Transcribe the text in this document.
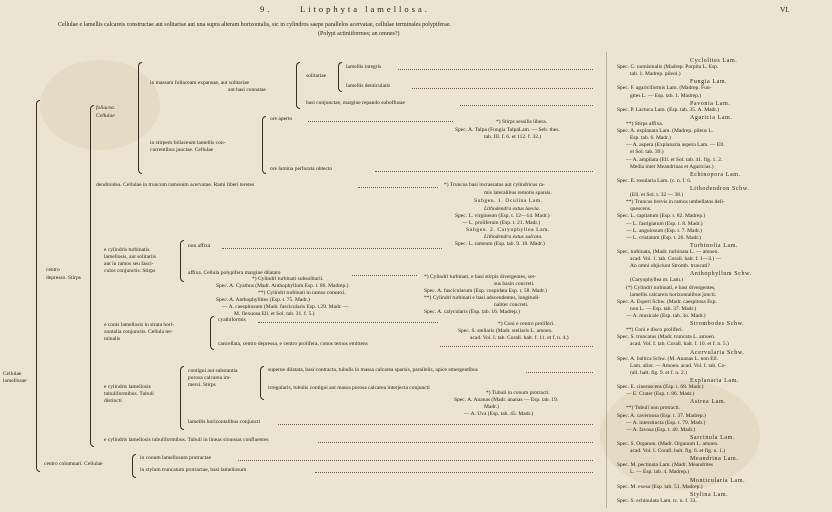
9.	Litophyta lamellosa.	VI.
Cellulae e lamellis calcareis constructae aut solitariae aut una supra alteram horizontalis, sic in cylindros saepe parallelos acervatae, cellulae terminales polypiferae.
(Polypi actiniiformes; an omnes?)
Cellulae
lamellosae
centro
depresso. Stirps
centro columnari. Cellulae
in conum lamellosum protractae
in stylum truncatum protractae, basi lamellosum
foliacea.
Cellulae
in massam foliaceam expansae, aut solitariae
aut basi connatae
solitariae
lamellis integris
lamellis denticulatis
basi conjunctae, margine repando suboffusae
in stirpem foliaceum lamellis con-
currentibus junctae. Cellulae
ore aperto
ore lamina perforata obtecto
dendroidea. Cellulae in truncum ramosum acervatae. Rami liberi teretes
e cylindris turbinatis.
lamellosis, aut solitariis
aut in ramos seu fasci-
culos conjunctis. Stirps
non affixa
affixa. Cellula polypifera margine dilatato
e conis lamellosis in strata hori-
zontalia conjunctis. Cellula ter-
minalis
cyathiformis
cancellata, centro depressa, e centro prolifera, conos ternos emittens
e cylindris lamellosis
tubuliformibus. Tubuli
distincti
contigui aut substantia
porosa calcarea im-
mersi. Stirps
superne dilatata, basi contracta, tubulis in massa calcarea sparsis, parallelis, apice emergentibus
irregularis, tubulis contigui aut massa porosa calcarea interjecta conjuncti
lamellis horizontalibus conjuncti
e cylindris lamellosis tubuliformibus. Tubuli in lineas sinuosas confluentes
*) Stirps sessilis libera.
Spec. A. Talpa (Fungia TalpaLam. — Seb. thes.
tab. III. f. 6. et 112. f. 32.)
*) Truncus basi incrassatus aut cylindricus ra-
mis lateralibus remotis sparsis.
Subgen. 1. Oculina Lam.
Lithodendra extus laevia.
Spec. L. virgineum (Esp. t. 12—14. Madr.)
— L. proliferum (Esp. t. 21. Madr.)
Subgen. 2. Caryophyllea Lam.
Lithodendra extus sulcata.
Spec. L. rameum (Esp. tab. 9. 10. Madr.)
*) Cylindri turbinati subsolitarii.
Spec. A. Cyathus (Madr. Anthophyllum Esp. t. 86. Madrep.)
**) Cylindri turbinati in ramos connexi.
Spec. A. Anthophyllites (Esp. t. 75. Madr.)
— A. caespitosum (Madr. fascicularis Esp. t.29. Madr. —
M. flexuosa Ell. et Sol. tab. 31. f. 5.)
*) Cylindri turbinati, e basi stirpis divergentes, ser-
sus basin concreti.
Spec. A. fascicularum (Esp. cuspidata Esp. t. 58. Madr.)
**) Cylindri turbinati e basi adscendentes, longitudi-
naliter concreti.
Spec. A. calycularis (Esp. tab. 16. Madrep.)
*) Coni e centro proliferi.
Spec. S. stellaris (Madr. stellaris L. amoen.
acad. Vol. I. tab. Corall. halt. f. 11. et f. n. 4.)
*) Tubuli in conum protracti.
Spec. A. Ananas (Madr. ananas — Esp. tab. 19.
Madr.)
— A. Uva (Esp. tab. 45. Madr.)
Cyclolites Lam.
Spec. C. numismalis (Madrep. Porpita L. Esp.
tab. 1. Madrep. pileol.)
Fungia Lam.
Spec. F. agariciformis Lam. (Madrep. Fun-
gites L. — Esp. tab. 1. Madrep.)
Pavonia Lam.
Spec. P. Lactuca Lam. (Esp. tab. 35. A. Madr.)
Agaricia Lam.
**) Stirps affixa.
Spec. A. explanata Lam. (Madrep. pileus L.
Esp. tab. 6. Madr.)
— A. aspera (Explanaria aspera Lam. — Ell.
et Sol. tab. 39.)
— A. ampliata (Ell. et Sol. tab. 41. fig. 1. 2.
Media inter Meandrinas et Agaricias.)
Echinopora Lam.
Spec. E. rosularia Lam. (c. n. f. 6.
Lithodendron Schw.
(Ell. et Sol. t. 32 — 38.)
**) Truncus brevis in ramos umbellatos deli-
quescens.
Spec. L. capitatum (Esp. t. 82. Madrep.)
— L. fastigiatum (Esp. t. 8. Madr.)
— L. angulosum (Esp. t. 7. Madr.)
— L. cristatum (Esp. t. 26. Madr.)
Turbinolia Lam.
Spec. turbinata, (Madr. turbinata L. — amoen.
acad. Vol. 1. tab. Corall. halt. f. 1—3.) —
An omni objiciunt Stromb. truncati?
Anthophyllum Schw.
(Caryophyllea m. Lam.)
(*) Cylindri turbinati, e basi divergentes,
lamellis calcareis horizontalibus juncti.
Spec. A. Esperi Schw. (Madr. caespitosa Esp.
non L. — Esp. tab. 37. Madr.)
— A. musicale (Esp. tab. 3o. Madr.)
Strombodes Schw.
**) Coni e disco proliferi.
Spec. S. truncatus (Madr. truncata L. amoen.
acad. Vol. I. tab. Corall. halt. f. 10. et f. n. 5.)
Acervularia Schw.
Spec. A. baltica Schw. (M. Ananas L. non Ell.
Lam. alior. — Amoen. acad. Vol. I. tab. Co-
rall. halt. fig. 9. et f. n. 2.)
Explanaria Lam.
Spec. E. cinerascens (Esp. t. 68. Madr.)
— E. Crater (Esp. t. 86. Madr.)
Astrea Lam.
**) Tubuli non protracti.
Spec. A. cavernosa (Esp. t. 37. Madrep.)
— A. interstincta (Esp. t. 79. Madr.)
— A. favosa (Esp. t. 40. Madr.)
Sarcinula Lam.
Spec. S. Organon. (Madr. Organum L. amoen.
acad. Vol. I. Corall. balt. fig. 6. et fig. n. 1.)
Meandrina Lam.
Spec. M. pectinata Lam. (Madr. Meandrites
L. — Esp. tab. 4. Madrep.)
Monticularia Lam.
Spec. M. exesa (Esp. tab. 51. Madrep.)
Stylina Lam.
Spec. S. echinulata Lam. tc. n. f. 33.
